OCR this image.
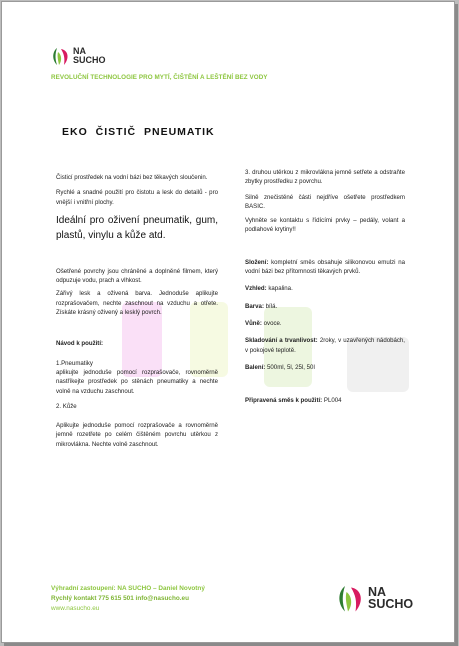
NA
SUCHO
REVOLUČNÍ TECHNOLOGIE PRO MYTÍ, ČIŠTĚNÍ A LEŠTĚNÍ BEZ VODY
EKO ČISTIČ PNEUMATIK

Čisticí prostředek na vodní bázi bez těkavých sloučenin.

Rychlé a snadné použití pro čistotu a lesk do detailů - pro vnější i vnitřní plochy.

Ideální pro oživení pneumatik, gum, plastů, vinylu a kůže atd.

Ošetřené povrchy jsou chráněné a doplněné filmem, který odpuzuje vodu, prach a vlhkost.

Zářivý lesk a oživená barva. Jednoduše aplikujte rozprašovačem, nechte zaschnout na vzduchu a otřete. Získáte krásný oživený a lesklý povrch.

Návod k použití:

1.Pneumatiky

aplikujte jednoduše pomocí rozprašovače, rovnoměrně nastříkejte prostředek po stěnách pneumatiky a nechte volně na vzduchu zaschnout.

2. Kůže

Aplikujte jednoduše pomocí rozprašovače a rovnoměrně jemně rozetřete po celém čištěném povrchu utěrkou z mikrovlákna. Nechte volně zaschnout.

3. druhou utěrkou z mikrovlákna jemně setřete a odstraňte zbytky prostředku z povrchu.

Silně znečistěné části nejdříve ošetřete prostředkem BASIC.

Vyhněte se kontaktu s řídícími prvky – pedály, volant a podlahové krytiny!!

Složení: kompletní směs obsahuje silikonovou emulzi na vodní bázi bez přítomnosti těkavých prvků.

Vzhled: kapalina.

Barva: bílá.

Vůně: ovoce.

Skladování a trvanlivost: 2roky, v uzavřených nádobách, v pokojové teplotě.

Balení: 500ml, 5l, 25l, 50l

Připravená směs k použití: PL004

Výhradní zastoupení: NA SUCHO – Daniel Novotný
Rychlý kontakt 775 615 501 info@nasucho.eu
www.nasucho.eu
NA
SUCHO
